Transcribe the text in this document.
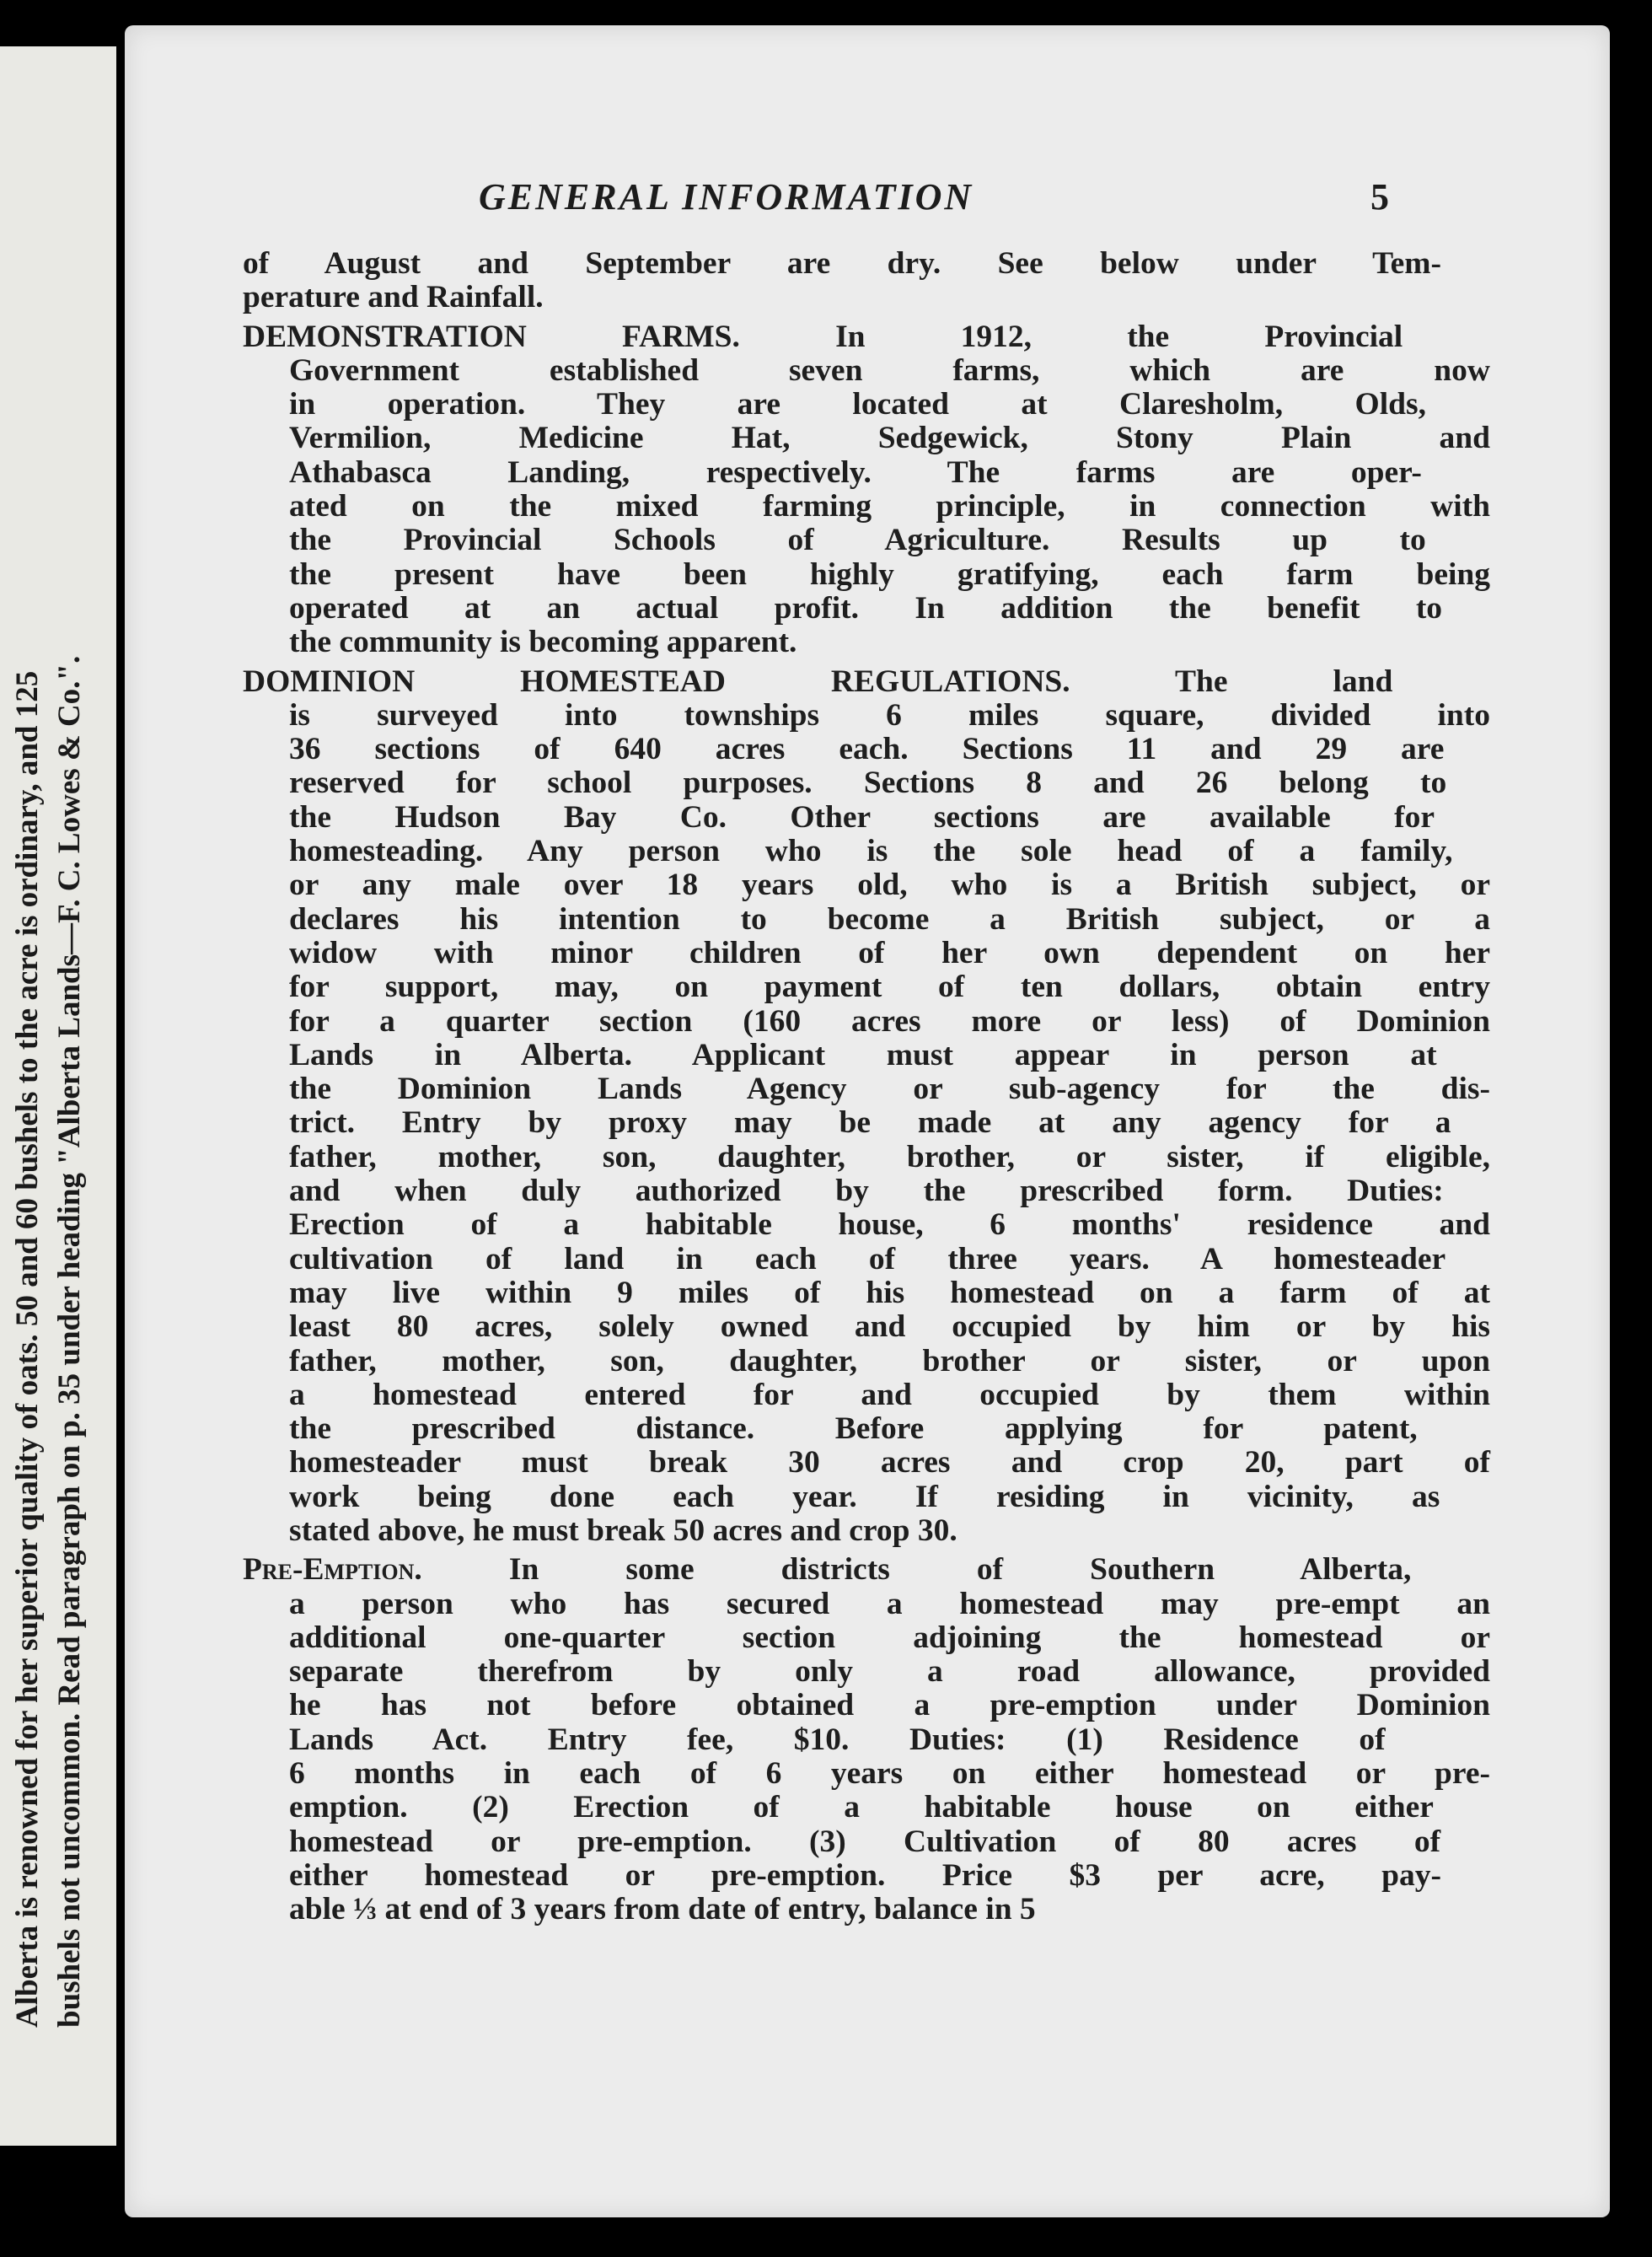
Alberta is renowned for her superior quality of oats. 50 and 60 bushels to the acre is ordinary, and 125 bushels not uncommon. Read paragraph on p. 35 under heading "Alberta Lands—F. C. Lowes & Co.".
GENERAL INFORMATION	5
of August and September are dry. See below under Tem-
perature and Rainfall.
DEMONSTRATION FARMS.	In 1912, the Provincial
Government established seven farms, which are now
in operation. They are located at Claresholm, Olds,
Vermilion, Medicine Hat, Sedgewick, Stony Plain and
Athabasca Landing, respectively. The farms are oper-
ated on the mixed farming principle, in connection with
the Provincial Schools of Agriculture. Results up to
the present have been highly gratifying, each farm being
operated at an actual profit. In addition the benefit to
the community is becoming apparent.
DOMINION HOMESTEAD REGULATIONS.	The land
is surveyed into townships 6 miles square, divided into
36 sections of 640 acres each. Sections 11 and 29 are
reserved for school purposes. Sections 8 and 26 belong to
the Hudson Bay Co. Other sections are available for
homesteading. Any person who is the sole head of a family,
or any male over 18 years old, who is a British subject, or
declares his intention to become a British subject, or a
widow with minor children of her own dependent on her
for support, may, on payment of ten dollars, obtain entry
for a quarter section (160 acres more or less) of Dominion
Lands in Alberta. Applicant must appear in person at
the Dominion Lands Agency or sub-agency for the dis-
trict. Entry by proxy may be made at any agency for a
father, mother, son, daughter, brother, or sister, if eligible,
and when duly authorized by the prescribed form. Duties:
Erection of a habitable house, 6 months' residence and
cultivation of land in each of three years. A homesteader
may live within 9 miles of his homestead on a farm of at
least 80 acres, solely owned and occupied by him or by his
father, mother, son, daughter, brother or sister, or upon
a homestead entered for and occupied by them within
the prescribed distance. Before applying for patent,
homesteader must break 30 acres and crop 20, part of
work being done each year. If residing in vicinity, as
stated above, he must break 50 acres and crop 30.
Pre-Emption.	In some districts of Southern Alberta,
a person who has secured a homestead may pre-empt an
additional one-quarter section adjoining the homestead or
separate therefrom by only a road allowance, provided
he has not before obtained a pre-emption under Dominion
Lands Act. Entry fee, $10. Duties: (1) Residence of
6 months in each of 6 years on either homestead or pre-
emption. (2) Erection of a habitable house on either
homestead or pre-emption. (3) Cultivation of 80 acres of
either homestead or pre-emption. Price $3 per acre, pay-
able ⅓ at end of 3 years from date of entry, balance in 5
